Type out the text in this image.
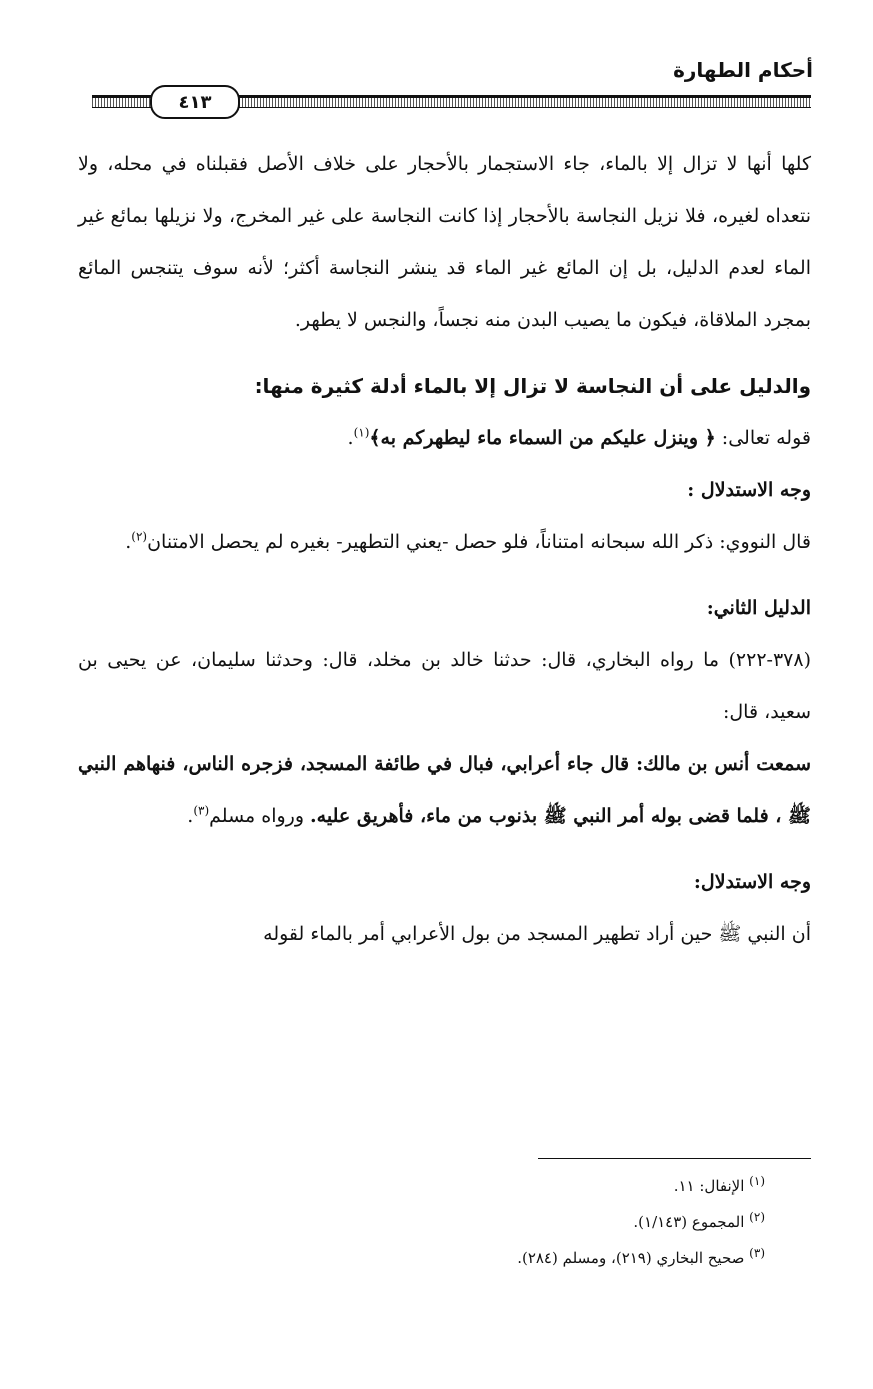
أحكام الطهارة
٤١٣

كلها أنها لا تزال إلا بالماء، جاء الاستجمار بالأحجار على خلاف الأصل فقبلناه في محله، ولا نتعداه لغيره، فلا نزيل النجاسة بالأحجار إذا كانت النجاسة على غير المخرج، ولا نزيلها بمائع غير الماء لعدم الدليل، بل إن المائع غير الماء قد ينشر النجاسة أكثر؛ لأنه سوف يتنجس المائع بمجرد الملاقاة، فيكون ما يصيب البدن منه نجساً، والنجس لا يطهر.

والدليل على أن النجاسة لا تزال إلا بالماء أدلة كثيرة منها:

قوله تعالى: ﴿ وينزل عليكم من السماء ماء ليطهركم به﴾$^{(١)}$.

وجه الاستدلال :

قال النووي: ذكر الله سبحانه امتناناً، فلو حصل -يعني التطهير- بغيره لم يحصل الامتنان$^{(٢)}$.

الدليل الثاني:

(٣٧٨-٢٢٢) ما رواه البخاري، قال: حدثنا خالد بن مخلد، قال: وحدثنا سليمان، عن يحيى بن سعيد، قال:

سمعت أنس بن مالك: قال جاء أعرابي، فبال في طائفة المسجد، فزجره الناس، فنهاهم النبي ﷺ ، فلما قضى بوله أمر النبي ﷺ بذنوب من ماء، فأهريق عليه. ورواه مسلم$^{(٣)}$.

وجه الاستدلال:

أن النبي ﷺ حين أراد تطهير المسجد من بول الأعرابي أمر بالماء لقوله

$^{(١)}$ الإنفال: ١١.

$^{(٢)}$ المجموع (١/١٤٣).

$^{(٣)}$ صحيح البخاري (٢١٩)، ومسلم (٢٨٤).
